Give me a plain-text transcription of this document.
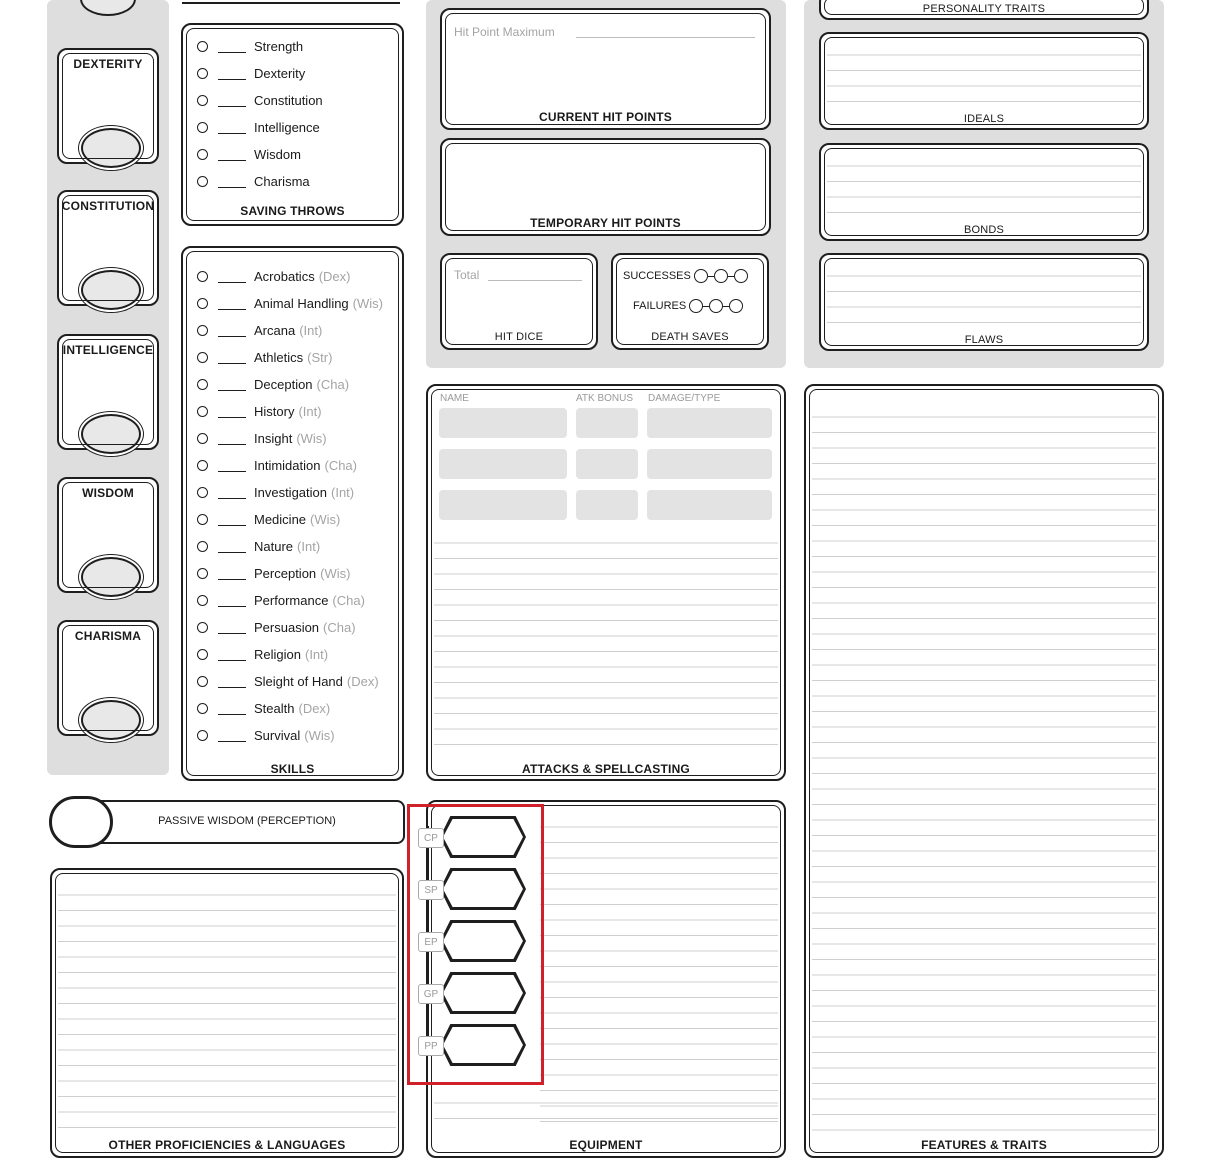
DEXTERITY
CONSTITUTION
INTELLIGENCE
WISDOM
CHARISMA
Strength
Dexterity
Constitution
Intelligence
Wisdom
Charisma
SAVING THROWS
Acrobatics (Dex)
Animal Handling (Wis)
Arcana (Int)
Athletics (Str)
Deception (Cha)
History (Int)
Insight (Wis)
Intimidation (Cha)
Investigation (Int)
Medicine (Wis)
Nature (Int)
Perception (Wis)
Performance (Cha)
Persuasion (Cha)
Religion (Int)
Sleight of Hand (Dex)
Stealth (Dex)
Survival (Wis)
SKILLS
PASSIVE WISDOM (PERCEPTION)
OTHER PROFICIENCIES & LANGUAGES
Hit Point Maximum
CURRENT HIT POINTS
TEMPORARY HIT POINTS
Total
HIT DICE
SUCCESSES
FAILURES
DEATH SAVES
NAME	ATK BONUS DAMAGE/TYPE
ATTACKS & SPELLCASTING
EQUIPMENT
CP
SP
EP
GP
PP
PERSONALITY TRAITS
IDEALS
BONDS
FLAWS
FEATURES & TRAITS
